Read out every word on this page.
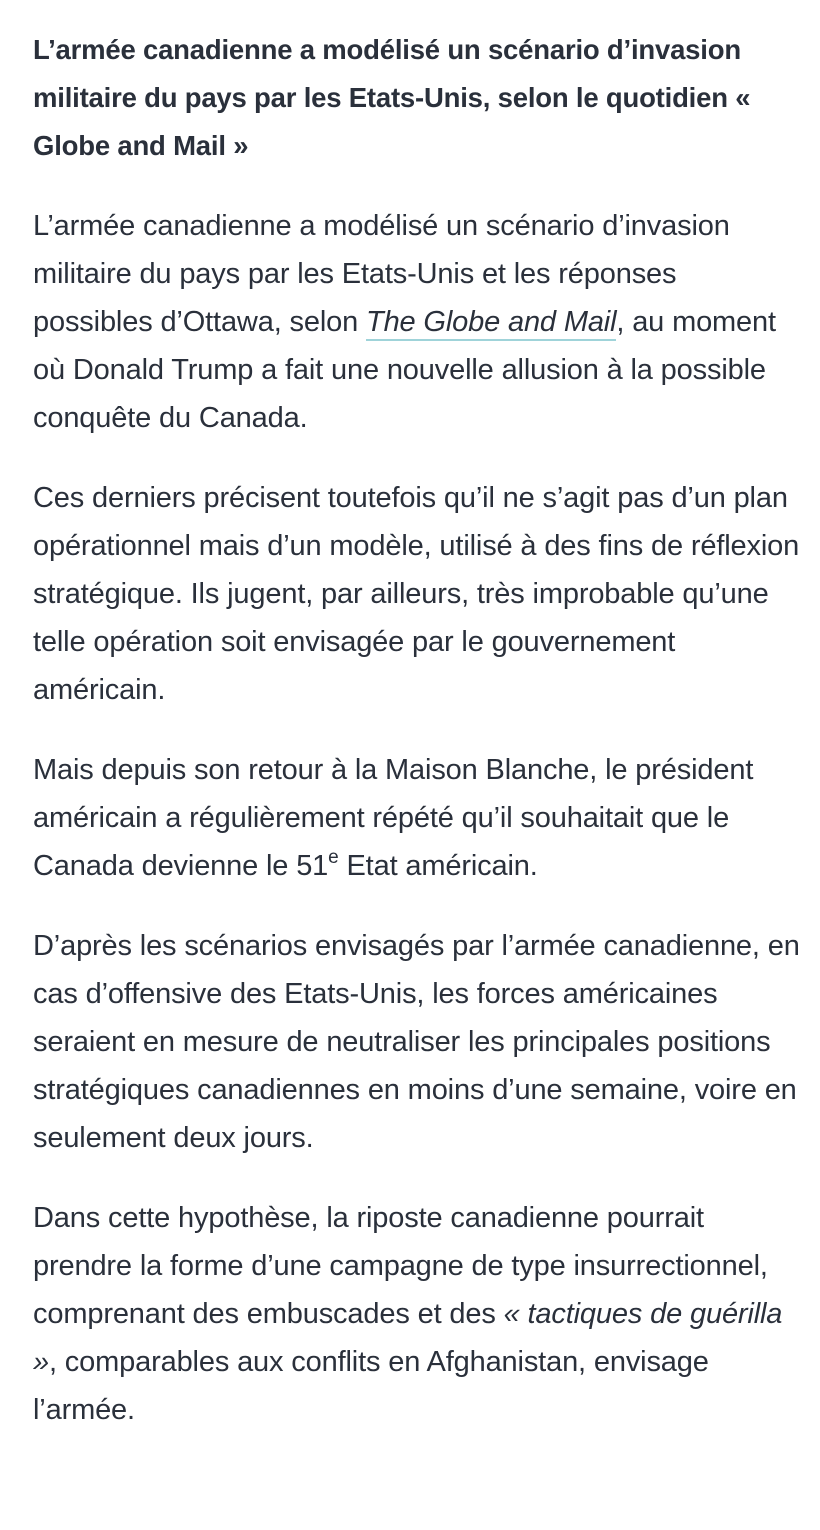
L’armée canadienne a modélisé un scénario d’invasion militaire du pays par les Etats-Unis, selon le quotidien « Globe and Mail »

L’armée canadienne a modélisé un scénario d’invasion militaire du pays par les Etats-Unis et les réponses possibles d’Ottawa, selon The Globe and Mail, au moment où Donald Trump a fait une nouvelle allusion à la possible conquête du Canada.

Ces derniers précisent toutefois qu’il ne s’agit pas d’un plan opérationnel mais d’un modèle, utilisé à des fins de réflexion stratégique. Ils jugent, par ailleurs, très improbable qu’une telle opération soit envisagée par le gouvernement américain.

Mais depuis son retour à la Maison Blanche, le président américain a régulièrement répété qu’il souhaitait que le Canada devienne le 51e Etat américain.

D’après les scénarios envisagés par l’armée canadienne, en cas d’offensive des Etats-Unis, les forces américaines seraient en mesure de neutraliser les principales positions stratégiques canadiennes en moins d’une semaine, voire en seulement deux jours.

Dans cette hypothèse, la riposte canadienne pourrait prendre la forme d’une campagne de type insurrectionnel, comprenant des embuscades et des « tactiques de guérilla », comparables aux conflits en Afghanistan, envisage l’armée.
